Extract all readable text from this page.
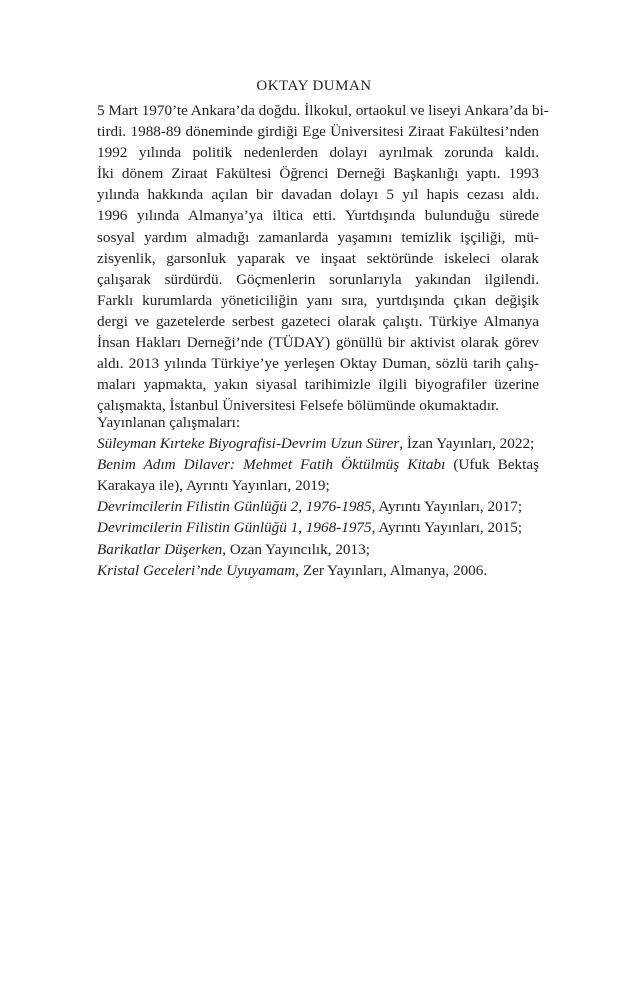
OKTAY DUMAN
5 Mart 1970’te Ankara’da doğdu. İlkokul, ortaokul ve liseyi Ankara’da bi-
tirdi. 1988-89 döneminde girdiği Ege Üniversitesi Ziraat Fakültesi’nden
1992 yılında politik nedenlerden dolayı ayrılmak zorunda kaldı.
İki dönem Ziraat Fakültesi Öğrenci Derneği Başkanlığı yaptı. 1993
yılında hakkında açılan bir davadan dolayı 5 yıl hapis cezası aldı.
1996 yılında Almanya’ya iltica etti. Yurtdışında bulunduğu sürede
sosyal yardım almadığı zamanlarda yaşamını temizlik işçiliği, mü-
zisyenlik, garsonluk yaparak ve inşaat sektöründe iskeleci olarak
çalışarak sürdürdü. Göçmenlerin sorunlarıyla yakından ilgilendi.
Farklı kurumlarda yöneticiliğin yanı sıra, yurtdışında çıkan değişik
dergi ve gazetelerde serbest gazeteci olarak çalıştı. Türkiye Almanya
İnsan Hakları Derneği’nde (TÜDAY) gönüllü bir aktivist olarak görev
aldı. 2013 yılında Türkiye’ye yerleşen Oktay Duman, sözlü tarih çalış-
maları yapmakta, yakın siyasal tarihimizle ilgili biyografiler üzerine
çalışmakta, İstanbul Üniversitesi Felsefe bölümünde okumaktadır.
Yayınlanan çalışmaları:
Süleyman Kırteke Biyografisi-Devrim Uzun Sürer, İzan Yayınları, 2022;
Benim Adım Dilaver: Mehmet Fatih Öktülmüş Kitabı (Ufuk Bektaş
Karakaya ile), Ayrıntı Yayınları, 2019;
Devrimcilerin Filistin Günlüğü 2, 1976-1985, Ayrıntı Yayınları, 2017;
Devrimcilerin Filistin Günlüğü 1, 1968-1975, Ayrıntı Yayınları, 2015;
Barikatlar Düşerken, Ozan Yayıncılık, 2013;
Kristal Geceleri’nde Uyuyamam, Zer Yayınları, Almanya, 2006.
